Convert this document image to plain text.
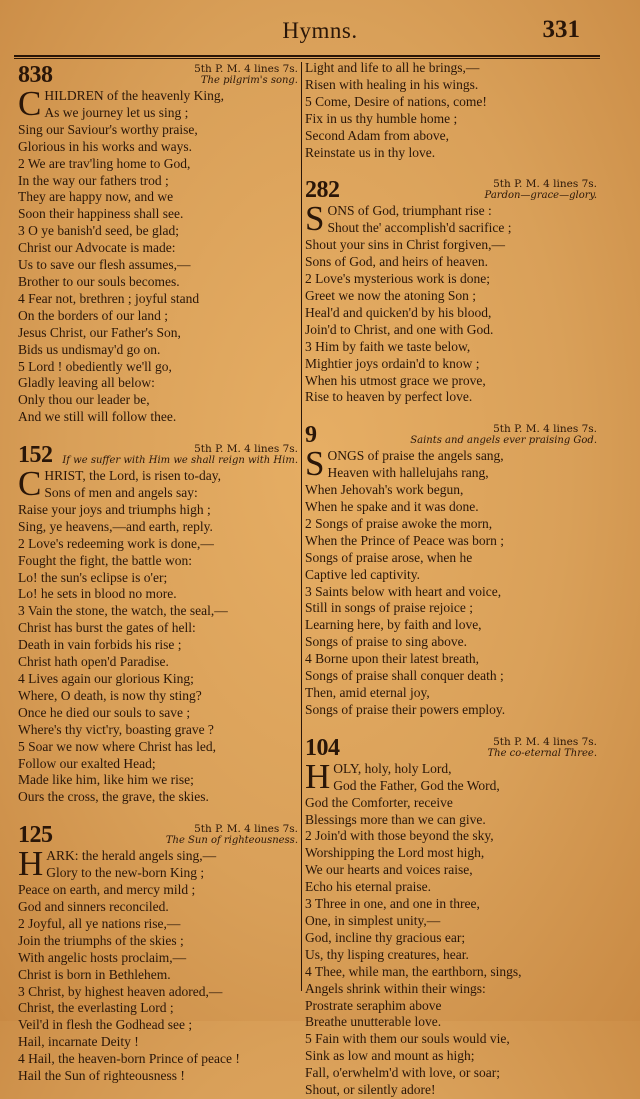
Hymns.	331
838	5th P. M. 4 lines 7s.
The pilgrim's song.
C HILDREN of the heavenly King,
As we journey let us sing ;
Sing our Saviour's worthy praise,
Glorious in his works and ways.
2 We are trav'ling home to God,
In the way our fathers trod ;
They are happy now, and we
Soon their happiness shall see.
3 O ye banish'd seed, be glad;
Christ our Advocate is made:
Us to save our flesh assumes,—
Brother to our souls becomes.
4 Fear not, brethren ; joyful stand
On the borders of our land ;
Jesus Christ, our Father's Son,
Bids us undismay'd go on.
5 Lord ! obediently we'll go,
Gladly leaving all below:
Only thou our leader be,
And we still will follow thee.
152	5th P. M. 4 lines 7s.
If we suffer with Him we shall reign with Him.
C HRIST, the Lord, is risen to-day,
Sons of men and angels say:
Raise your joys and triumphs high ;
Sing, ye heavens,—and earth, reply.
2 Love's redeeming work is done,—
Fought the fight, the battle won:
Lo! the sun's eclipse is o'er;
Lo! he sets in blood no more.
3 Vain the stone, the watch, the seal,—
Christ has burst the gates of hell:
Death in vain forbids his rise ;
Christ hath open'd Paradise.
4 Lives again our glorious King;
Where, O death, is now thy sting?
Once he died our souls to save ;
Where's thy vict'ry, boasting grave ?
5 Soar we now where Christ has led,
Follow our exalted Head;
Made like him, like him we rise;
Ours the cross, the grave, the skies.
125	5th P. M. 4 lines 7s.
The Sun of righteousness.
H ARK: the herald angels sing,—
Glory to the new-born King ;
Peace on earth, and mercy mild ;
God and sinners reconciled.
2 Joyful, all ye nations rise,—
Join the triumphs of the skies ;
With angelic hosts proclaim,—
Christ is born in Bethlehem.
3 Christ, by highest heaven adored,—
Christ, the everlasting Lord ;
Veil'd in flesh the Godhead see ;
Hail, incarnate Deity !
4 Hail, the heaven-born Prince of peace !
Hail the Sun of righteousness !
Light and life to all he brings,—
Risen with healing in his wings.
5 Come, Desire of nations, come!
Fix in us thy humble home ;
Second Adam from above,
Reinstate us in thy love.
282	5th P. M. 4 lines 7s.
Pardon—grace—glory.
S ONS of God, triumphant rise :
Shout the' accomplish'd sacrifice ;
Shout your sins in Christ forgiven,—
Sons of God, and heirs of heaven.
2 Love's mysterious work is done;
Greet we now the atoning Son ;
Heal'd and quicken'd by his blood,
Join'd to Christ, and one with God.
3 Him by faith we taste below,
Mightier joys ordain'd to know ;
When his utmost grace we prove,
Rise to heaven by perfect love.
9	5th P. M. 4 lines 7s.
Saints and angels ever praising God.
S ONGS of praise the angels sang,
Heaven with hallelujahs rang,
When Jehovah's work begun,
When he spake and it was done.
2 Songs of praise awoke the morn,
When the Prince of Peace was born ;
Songs of praise arose, when he
Captive led captivity.
3 Saints below with heart and voice,
Still in songs of praise rejoice ;
Learning here, by faith and love,
Songs of praise to sing above.
4 Borne upon their latest breath,
Songs of praise shall conquer death ;
Then, amid eternal joy,
Songs of praise their powers employ.
104	5th P. M. 4 lines 7s.
The co-eternal Three.
H OLY, holy, holy Lord,
God the Father, God the Word,
God the Comforter, receive
Blessings more than we can give.
2 Join'd with those beyond the sky,
Worshipping the Lord most high,
We our hearts and voices raise,
Echo his eternal praise.
3 Three in one, and one in three,
One, in simplest unity,—
God, incline thy gracious ear;
Us, thy lisping creatures, hear.
4 Thee, while man, the earthborn, sings,
Angels shrink within their wings:
Prostrate seraphim above
Breathe unutterable love.
5 Fain with them our souls would vie,
Sink as low and mount as high;
Fall, o'erwhelm'd with love, or soar;
Shout, or silently adore!
